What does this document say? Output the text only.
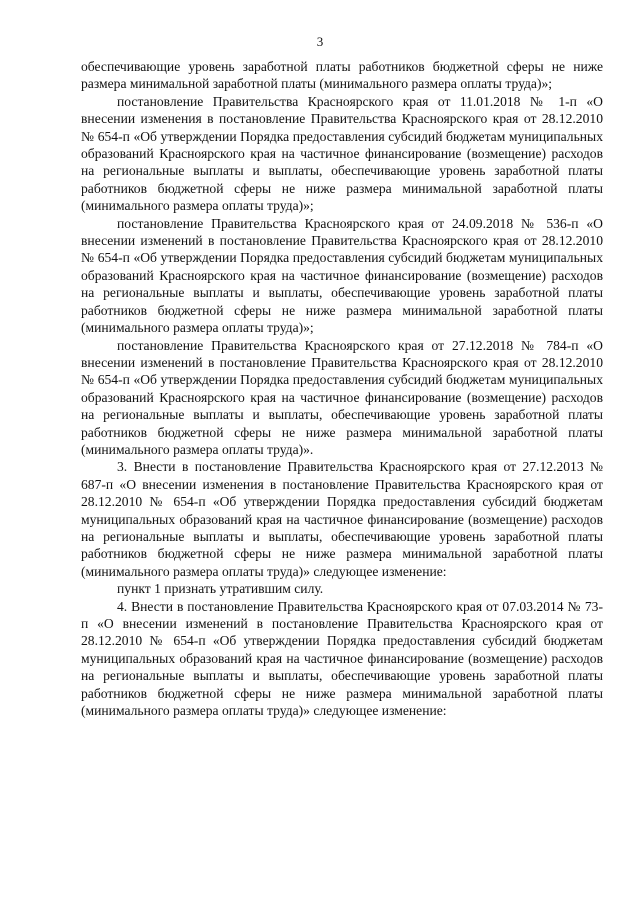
3

обеспечивающие уровень заработной платы работников бюджетной сферы не ниже размера минимальной заработной платы (минимального размера оплаты труда)»;

постановление Правительства Красноярского края от 11.01.2018 № 1-п «О внесении изменения в постановление Правительства Красноярского края от 28.12.2010 № 654-п «Об утверждении Порядка предоставления субсидий бюджетам муниципальных образований Красноярского края на частичное финансирование (возмещение) расходов на региональные выплаты и выплаты, обеспечивающие уровень заработной платы работников бюджетной сферы не ниже размера минимальной заработной платы (минимального размера оплаты труда)»;

постановление Правительства Красноярского края от 24.09.2018 № 536-п «О внесении изменений в постановление Правительства Красноярского края от 28.12.2010 № 654-п «Об утверждении Порядка предоставления субсидий бюджетам муниципальных образований Красноярского края на частичное финансирование (возмещение) расходов на региональные выплаты и выплаты, обеспечивающие уровень заработной платы работников бюджетной сферы не ниже размера минимальной заработной платы (минимального размера оплаты труда)»;

постановление Правительства Красноярского края от 27.12.2018 № 784-п «О внесении изменений в постановление Правительства Красноярского края от 28.12.2010 № 654-п «Об утверждении Порядка предоставления субсидий бюджетам муниципальных образований Красноярского края на частичное финансирование (возмещение) расходов на региональные выплаты и выплаты, обеспечивающие уровень заработной платы работников бюджетной сферы не ниже размера минимальной заработной платы (минимального размера оплаты труда)».

3. Внести в постановление Правительства Красноярского края от 27.12.2013 № 687-п «О внесении изменения в постановление Правительства Красноярского края от 28.12.2010 № 654-п «Об утверждении Порядка предоставления субсидий бюджетам муниципальных образований края на частичное финансирование (возмещение) расходов на региональные выплаты и выплаты, обеспечивающие уровень заработной платы работников бюджетной сферы не ниже размера минимальной заработной платы (минимального размера оплаты труда)» следующее изменение:

пункт 1 признать утратившим силу.

4. Внести в постановление Правительства Красноярского края от 07.03.2014 № 73-п «О внесении изменений в постановление Правительства Красноярского края от 28.12.2010 № 654-п «Об утверждении Порядка предоставления субсидий бюджетам муниципальных образований края на частичное финансирование (возмещение) расходов на региональные выплаты и выплаты, обеспечивающие уровень заработной платы работников бюджетной сферы не ниже размера минимальной заработной платы (минимального размера оплаты труда)» следующее изменение:
